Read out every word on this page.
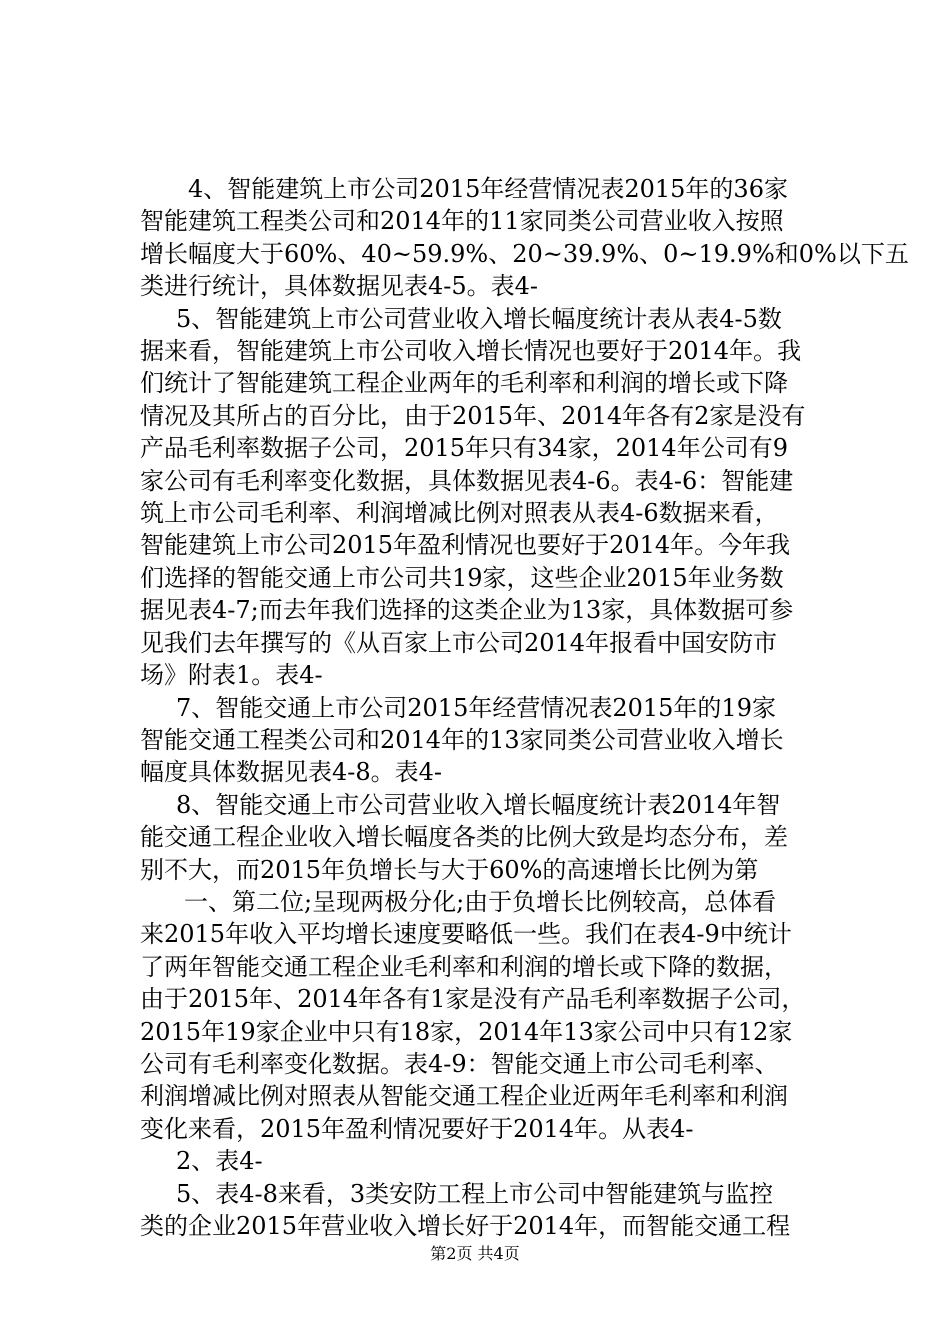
4、智能建筑上市公司2015年经营情况表2015年的36家
智能建筑工程类公司和2014年的11家同类公司营业收入按照
增长幅度大于60%、40~59.9%、20~39.9%、0~19.9%和0%以下五
类进行统计，具体数据见表4-5。表4-

5、智能建筑上市公司营业收入增长幅度统计表从表4-5数
据来看，智能建筑上市公司收入增长情况也要好于2014年。我
们统计了智能建筑工程企业两年的毛利率和利润的增长或下降
情况及其所占的百分比，由于2015年、2014年各有2家是没有
产品毛利率数据子公司，2015年只有34家，2014年公司有9
家公司有毛利率变化数据，具体数据见表4-6。表4-6：智能建
筑上市公司毛利率、利润增减比例对照表从表4-6数据来看，
智能建筑上市公司2015年盈利情况也要好于2014年。今年我
们选择的智能交通上市公司共19家，这些企业2015年业务数
据见表4-7;而去年我们选择的这类企业为13家，具体数据可参
见我们去年撰写的《从百家上市公司2014年报看中国安防市
场》附表1。表4-

7、智能交通上市公司2015年经营情况表2015年的19家
智能交通工程类公司和2014年的13家同类公司营业收入增长
幅度具体数据见表4-8。表4-

8、智能交通上市公司营业收入增长幅度统计表2014年智
能交通工程企业收入增长幅度各类的比例大致是均态分布，差
别不大，而2015年负增长与大于60%的高速增长比例为第

一、第二位;呈现两极分化;由于负增长比例较高，总体看
来2015年收入平均增长速度要略低一些。我们在表4-9中统计
了两年智能交通工程企业毛利率和利润的增长或下降的数据，
由于2015年、2014年各有1家是没有产品毛利率数据子公司，
2015年19家企业中只有18家，2014年13家公司中只有12家
公司有毛利率变化数据。表4-9：智能交通上市公司毛利率、
利润增减比例对照表从智能交通工程企业近两年毛利率和利润
变化来看，2015年盈利情况要好于2014年。从表4-

2、表4-

5、表4-8来看，3类安防工程上市公司中智能建筑与监控
类的企业2015年营业收入增长好于2014年，而智能交通工程

第2页 共4页
